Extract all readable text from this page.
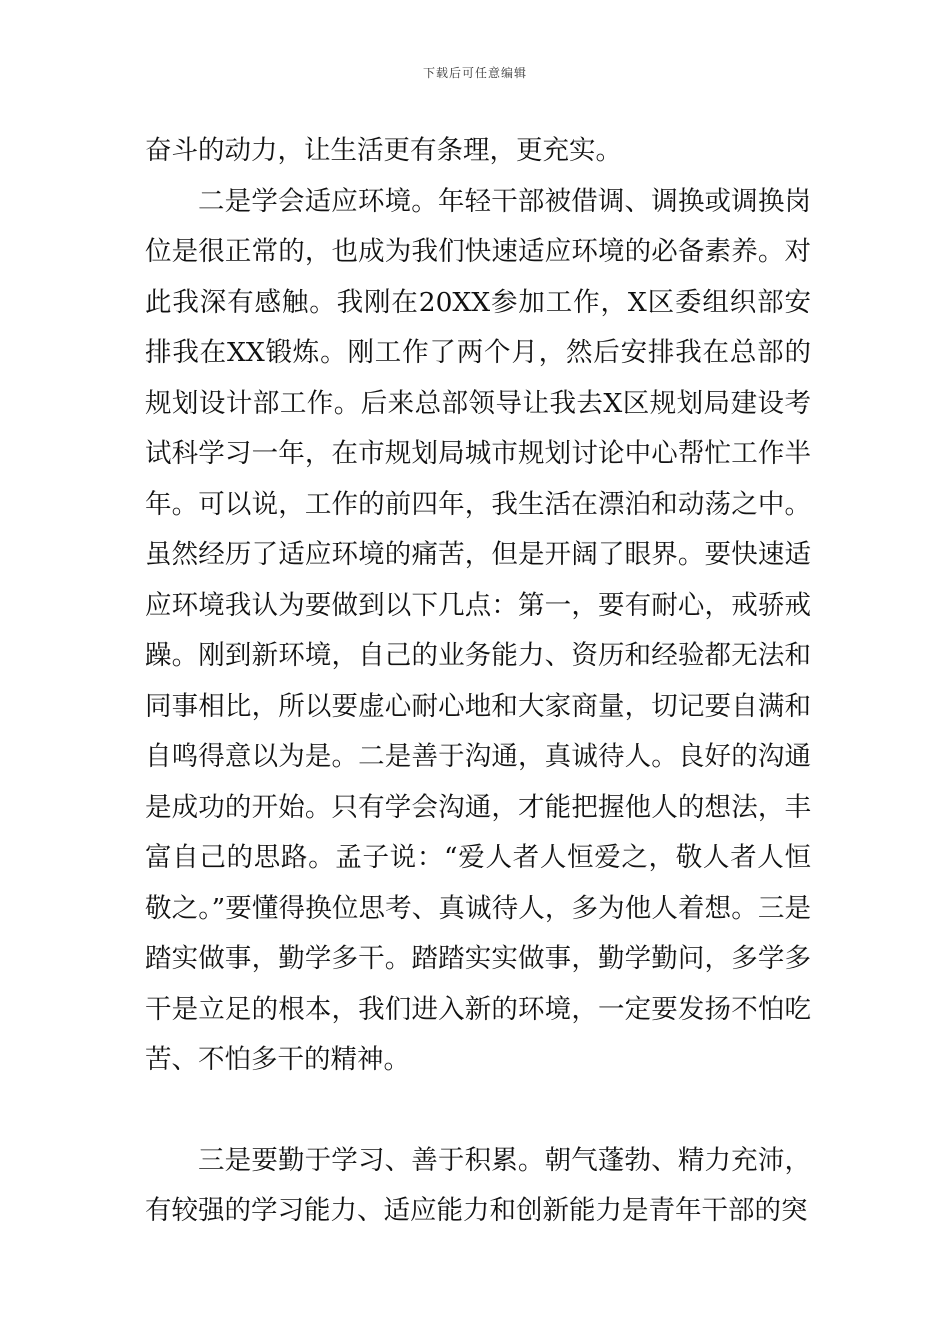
下载后可任意编辑

奋斗的动力，让生活更有条理，更充实。

二是学会适应环境。年轻干部被借调、调换或调换岗位是很正常的，也成为我们快速适应环境的必备素养。对此我深有感触。我刚在20XX参加工作，X区委组织部安排我在XX锻炼。刚工作了两个月，然后安排我在总部的规划设计部工作。后来总部领导让我去X区规划局建设考试科学习一年，在市规划局城市规划讨论中心帮忙工作半年。可以说，工作的前四年，我生活在漂泊和动荡之中。虽然经历了适应环境的痛苦，但是开阔了眼界。要快速适应环境我认为要做到以下几点：第一，要有耐心，戒骄戒躁。刚到新环境，自己的业务能力、资历和经验都无法和同事相比，所以要虚心耐心地和大家商量，切记要自满和自鸣得意以为是。二是善于沟通，真诚待人。良好的沟通是成功的开始。只有学会沟通，才能把握他人的想法，丰富自己的思路。孟子说：“爱人者人恒爱之，敬人者人恒敬之。”要懂得换位思考、真诚待人，多为他人着想。三是踏实做事，勤学多干。踏踏实实做事，勤学勤问，多学多干是立足的根本，我们进入新的环境，一定要发扬不怕吃苦、不怕多干的精神。

三是要勤于学习、善于积累。朝气蓬勃、精力充沛，有较强的学习能力、适应能力和创新能力是青年干部的突
